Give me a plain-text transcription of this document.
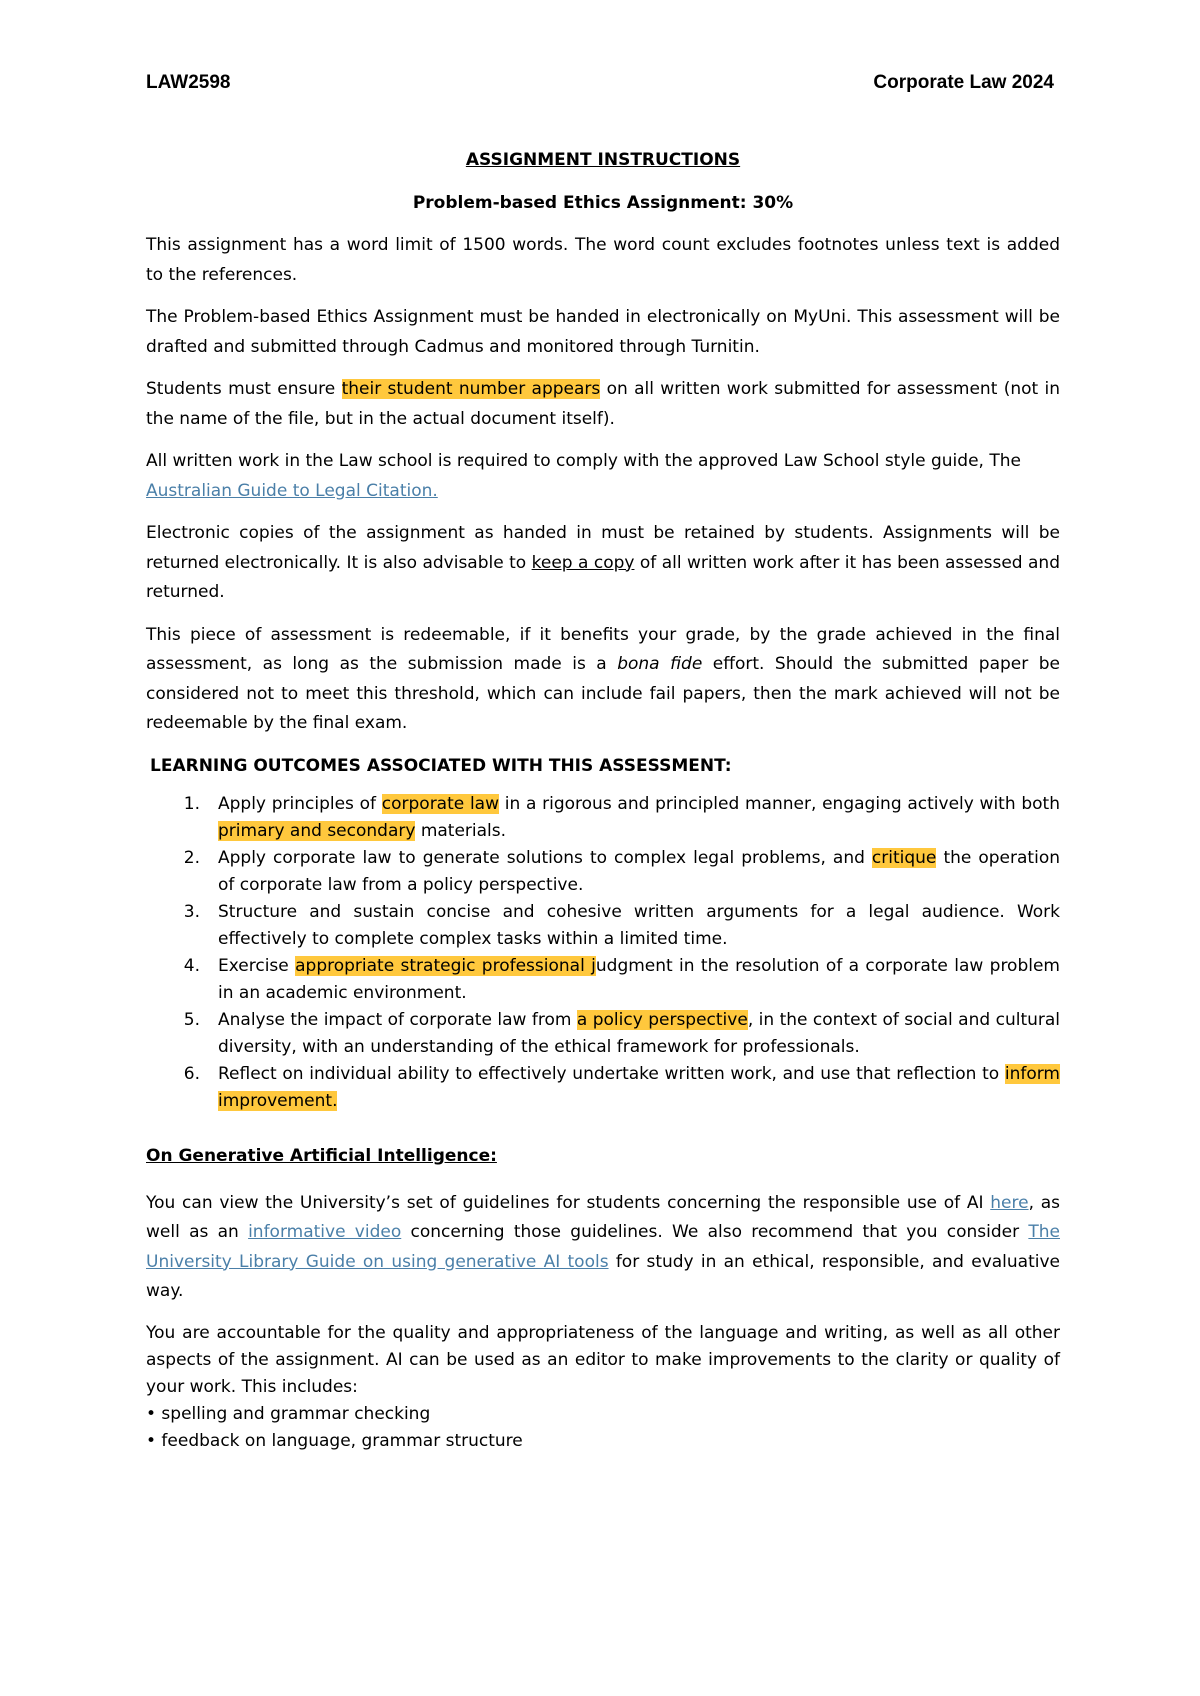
LAW2598	Corporate Law 2024
ASSIGNMENT INSTRUCTIONS
Problem-based Ethics Assignment: 30%

This assignment has a word limit of 1500 words. The word count excludes footnotes unless text is added to the references.

The Problem-based Ethics Assignment must be handed in electronically on MyUni. This assessment will be drafted and submitted through Cadmus and monitored through Turnitin.

Students must ensure their student number appears on all written work submitted for assessment (not in the name of the file, but in the actual document itself).

All written work in the Law school is required to comply with the approved Law School style guide, The
Australian Guide to Legal Citation.

Electronic copies of the assignment as handed in must be retained by students. Assignments will be returned electronically. It is also advisable to keep a copy of all written work after it has been assessed and returned.

This piece of assessment is redeemable, if it benefits your grade, by the grade achieved in the final assessment, as long as the submission made is a bona fide effort. Should the submitted paper be considered not to meet this threshold, which can include fail papers, then the mark achieved will not be redeemable by the final exam.

LEARNING OUTCOMES ASSOCIATED WITH THIS ASSESSMENT:
1.	Apply principles of corporate law in a rigorous and principled manner, engaging actively with both primary and secondary materials.
2.	Apply corporate law to generate solutions to complex legal problems, and critique the operation of corporate law from a policy perspective.
3.	Structure and sustain concise and cohesive written arguments for a legal audience. Work effectively to complete complex tasks within a limited time.
4.	Exercise appropriate strategic professional judgment in the resolution of a corporate law problem in an academic environment.
5.	Analyse the impact of corporate law from a policy perspective, in the context of social and cultural diversity, with an understanding of the ethical framework for professionals.
6.	Reflect on individual ability to effectively undertake written work, and use that reflection to inform improvement.
On Generative Artificial Intelligence:

You can view the University’s set of guidelines for students concerning the responsible use of AI here, as well as an informative video concerning those guidelines. We also recommend that you consider The University Library Guide on using generative AI tools for study in an ethical, responsible, and evaluative way.

You are accountable for the quality and appropriateness of the language and writing, as well as all other aspects of the assignment. AI can be used as an editor to make improvements to the clarity or quality of your work. This includes:

• spelling and grammar checking
• feedback on language, grammar structure
